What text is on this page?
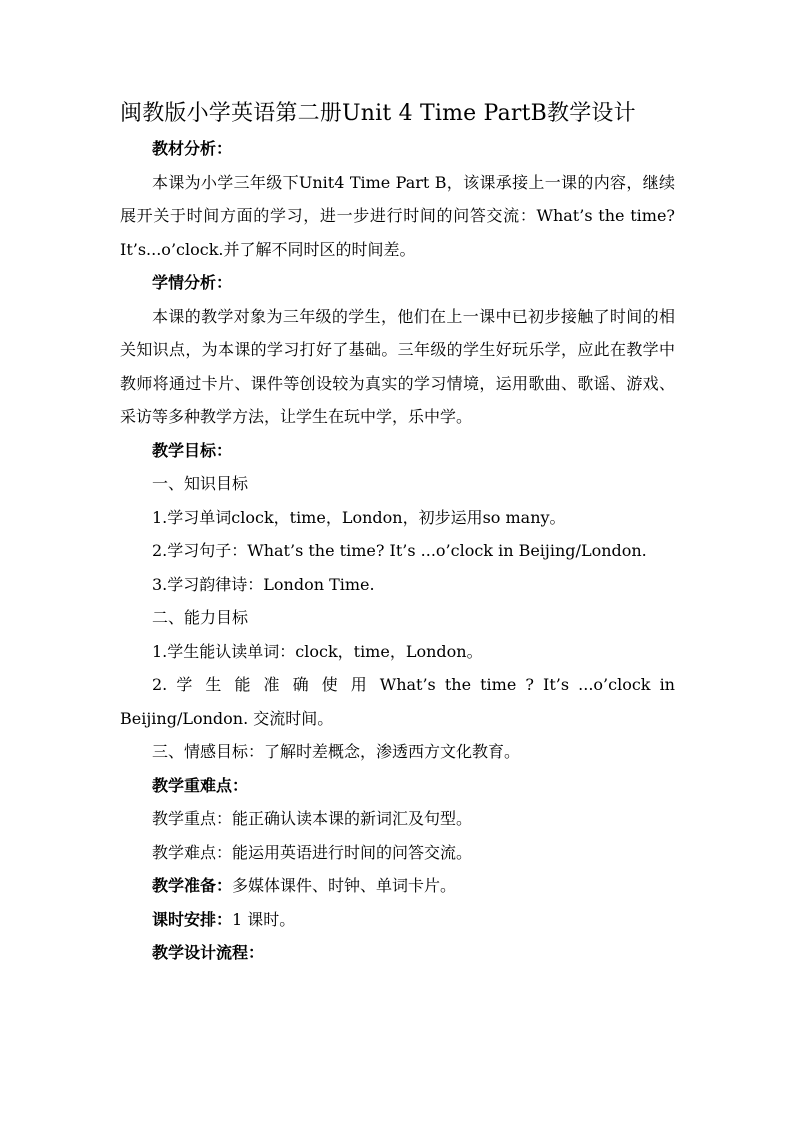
闽教版小学英语第二册Unit 4 Time PartB教学设计

教材分析：

本课为小学三年级下Unit4 Time Part B，该课承接上一课的内容，继续展开关于时间方面的学习，进一步进行时间的问答交流：What’s the time? It’s...o’clock.并了解不同时区的时间差。

学情分析：

本课的教学对象为三年级的学生，他们在上一课中已初步接触了时间的相关知识点，为本课的学习打好了基础。三年级的学生好玩乐学，应此在教学中教师将通过卡片、课件等创设较为真实的学习情境，运用歌曲、歌谣、游戏、采访等多种教学方法，让学生在玩中学，乐中学。

教学目标：

一、知识目标

1.学习单词clock，time，London，初步运用so many。

2.学习句子：What’s the time? It’s ...o’clock in Beijing/London.

3.学习韵律诗：London Time.

二、能力目标

1.学生能认读单词：clock，time，London。

2. 学 生 能 准 确 使 用 What’s the time ? It’s ...o’clock in

Beijing/London. 交流时间。

三、情感目标：了解时差概念，渗透西方文化教育。

教学重难点：

教学重点：能正确认读本课的新词汇及句型。

教学难点：能运用英语进行时间的问答交流。

教学准备：多媒体课件、时钟、单词卡片。

课时安排：1 课时。

教学设计流程：
